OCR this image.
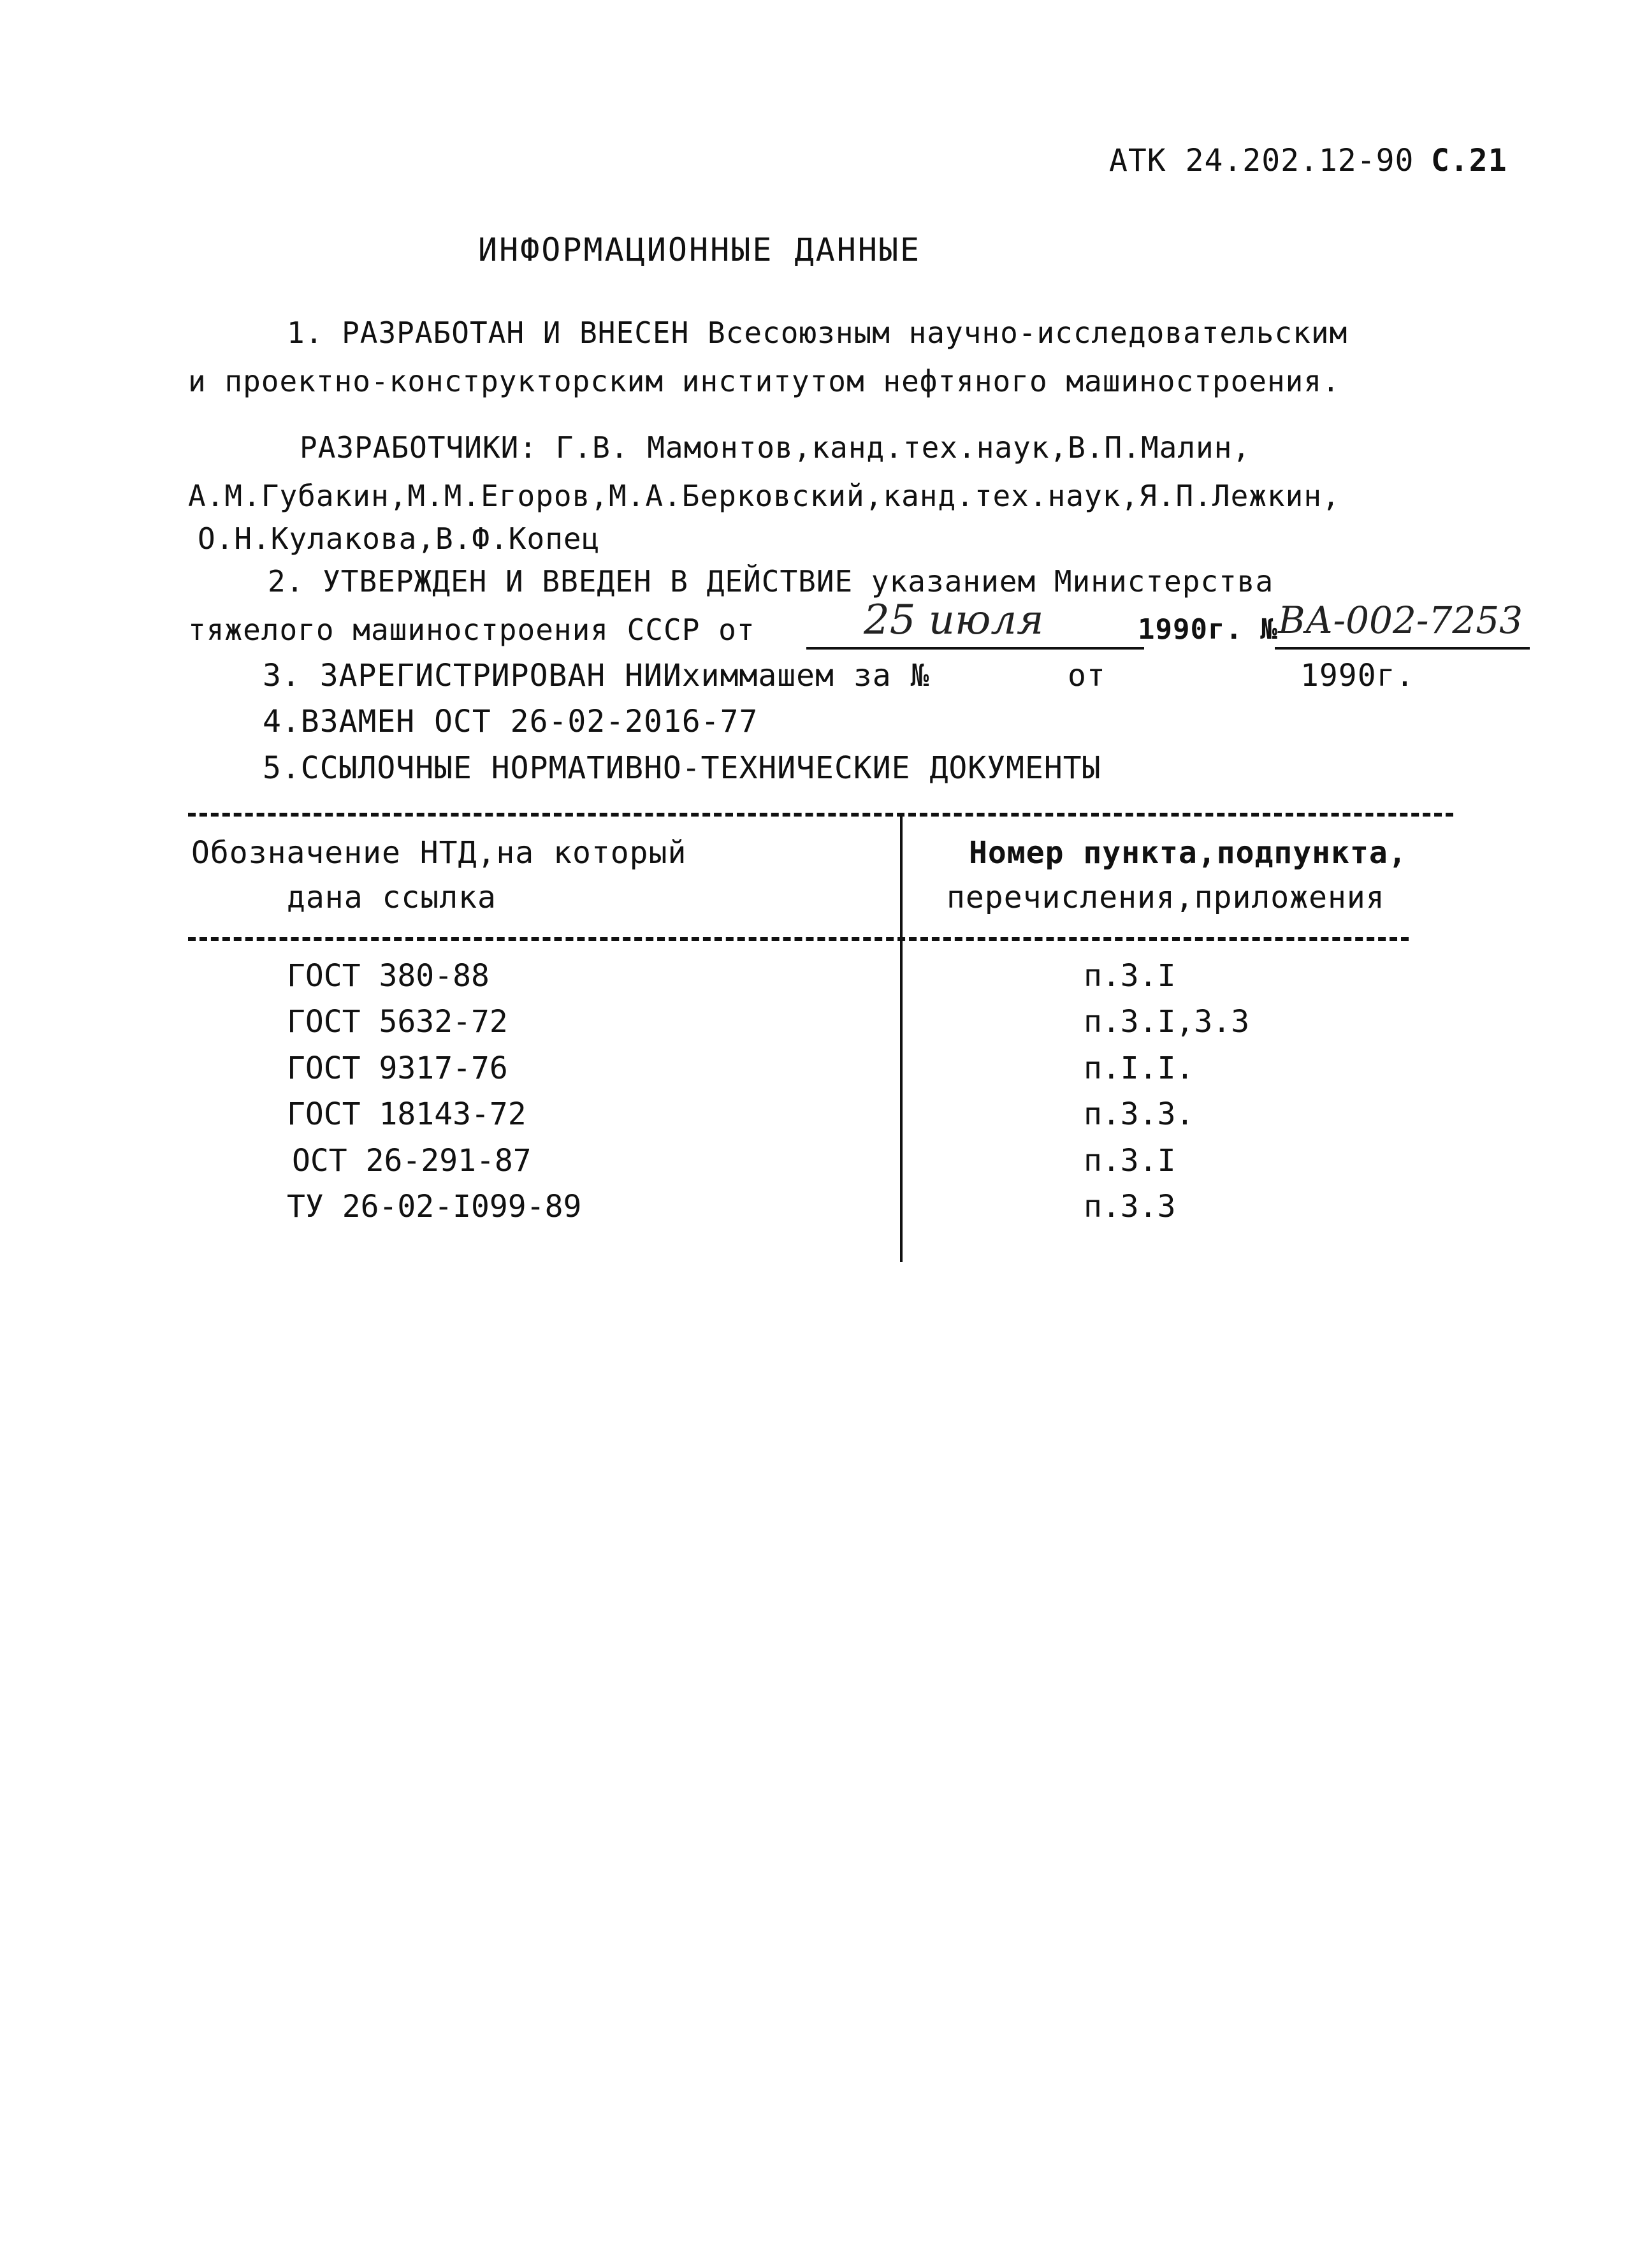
АТК 24.202.12-90 С.21
ИНФОРМАЦИОННЫЕ ДАННЫЕ
1. РАЗРАБОТАН И ВНЕСЕН Всесоюзным научно-исследовательским
и проектно-конструкторским институтом нефтяного машиностроения.
РАЗРАБОТЧИКИ: Г.В. Мамонтов,канд.тех.наук,В.П.Малин,
А.М.Губакин,М.М.Егоров,М.А.Берковский,канд.тех.наук,Я.П.Лежкин,
О.Н.Кулакова,В.Ф.Копец
2. УТВЕРЖДЕН И ВВЕДЕН В ДЕЙСТВИЕ указанием Министерства
тяжелого машиностроения СССР от	25 июля	1990г. № ВА-002-7253
3. ЗАРЕГИСТРИРОВАН НИИхиммашем за №	от	1990г.
4.ВЗАМЕН ОСТ 26-02-2016-77
5.ССЫЛОЧНЫЕ НОРМАТИВНО-ТЕХНИЧЕСКИЕ ДОКУМЕНТЫ
Обозначение НТД,на который
дана ссылка
Номер пункта,подпункта,
перечисления,приложения
ГОСТ 380-88	п.3.I
ГОСТ 5632-72	п.3.I,3.3
ГОСТ 9317-76	п.I.I.
ГОСТ 18143-72	п.3.3.
ОСТ 26-291-87	п.3.I
ТУ 26-02-I099-89	п.3.3
